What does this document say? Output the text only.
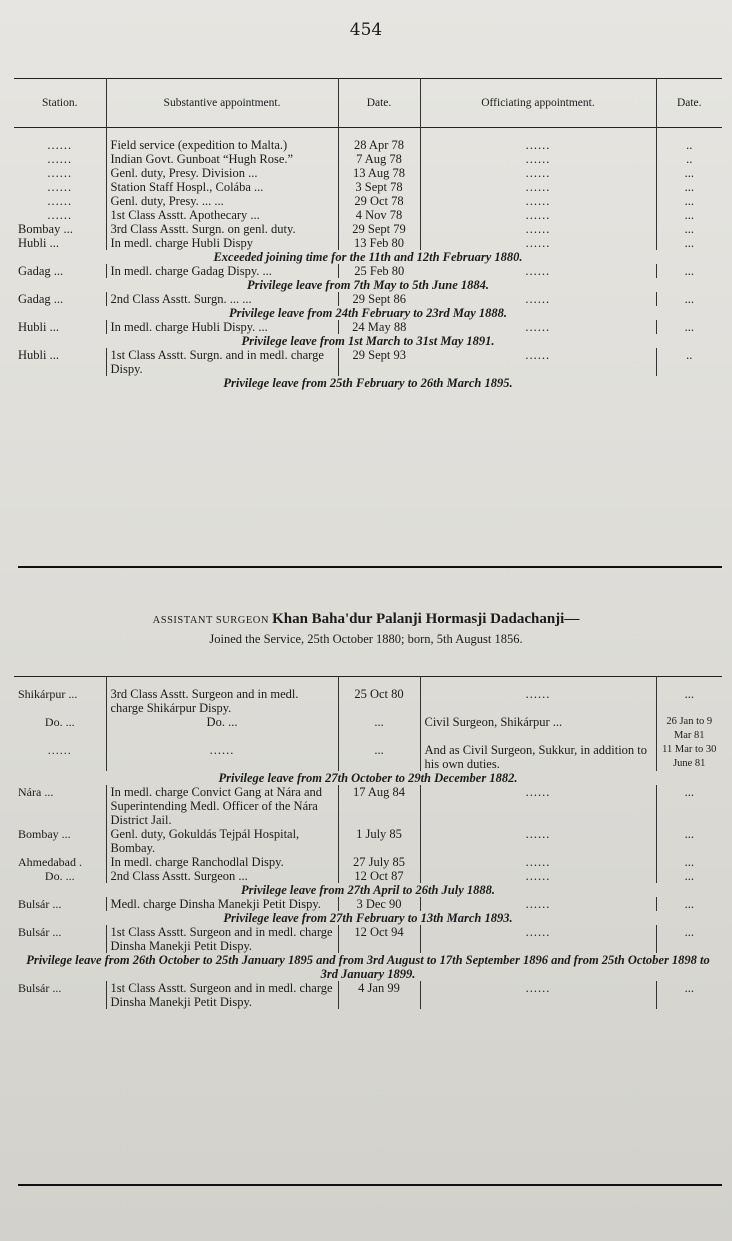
454
Station.	Substantive appointment.	Date.	Officiating appointment.	Date.

......	Field service (expedition to Malta.)	28 Apr 78	......	..
......	Indian Govt. Gunboat “Hugh Rose.”	7 Aug 78	......	..
......	Genl. duty, Presy. Division ...	13 Aug 78	......	...
......	Station Staff Hospl., Colába ...	3 Sept 78	......	...
......	Genl. duty, Presy. ... ...	29 Oct 78	......	...
......	1st Class Asstt. Apothecary ...	4 Nov 78	......	...
Bombay ...	3rd Class Asstt. Surgn. on genl. duty.	29 Sept 79	......	...
Hubli ...	In medl. charge Hubli Dispy	13 Feb 80	......	...
Exceeded joining time for the 11th and 12th February 1880.				
Gadag ...	In medl. charge Gadag Dispy. ...	25 Feb 80	......	...
Privilege leave from 7th May to 5th June 1884.				
Gadag ...	2nd Class Asstt. Surgn. ... ...	29 Sept 86	......	...
Privilege leave from 24th February to 23rd May 1888.				
Hubli ...	In medl. charge Hubli Dispy. ...	24 May 88	......	...
Privilege leave from 1st March to 31st May 1891.				
Hubli ...	1st Class Asstt. Surgn. and in medl. charge Dispy.	29 Sept 93	......	..
Privilege leave from 25th February to 26th March 1895.				
ASSISTANT SURGEON Khan Baha'dur Palanji Hormasji Dadachanji—
Joined the Service, 25th October 1880; born, 5th August 1856.

Shikárpur ...	3rd Class Asstt. Surgeon and in medl. charge Shikárpur Dispy.	25 Oct 80	......	...
Do. ...	Do. ...	...	Civil Surgeon, Shikárpur ...	26 Jan to 9 Mar 81
......	......	...	And as Civil Surgeon, Sukkur, in addition to his own duties.	11 Mar to 30 June 81
Privilege leave from 27th October to 29th December 1882.				
Nára ...	In medl. charge Convict Gang at Nára and Superintending Medl. Officer of the Nára District Jail.	17 Aug 84	......	...
Bombay ...	Genl. duty, Gokuldás Tejpál Hospital, Bombay.	1 July 85	......	...
Ahmedabad .	In medl. charge Ranchodlal Dispy.	27 July 85	......	...
Do. ...	2nd Class Asstt. Surgeon ...	12 Oct 87	......	...
Privilege leave from 27th April to 26th July 1888.				
Bulsár ...	Medl. charge Dinsha Manekji Petit Dispy.	3 Dec 90	......	...
Privilege leave from 27th February to 13th March 1893.				
Bulsár ...	1st Class Asstt. Surgeon and in medl. charge Dinsha Manekji Petit Dispy.	12 Oct 94	......	...
Privilege leave from 26th October to 25th January 1895 and from 3rd August to 17th September 1896 and from 25th October 1898 to 3rd January 1899.				
Bulsár ...	1st Class Asstt. Surgeon and in medl. charge Dinsha Manekji Petit Dispy.	4 Jan 99	......	...
